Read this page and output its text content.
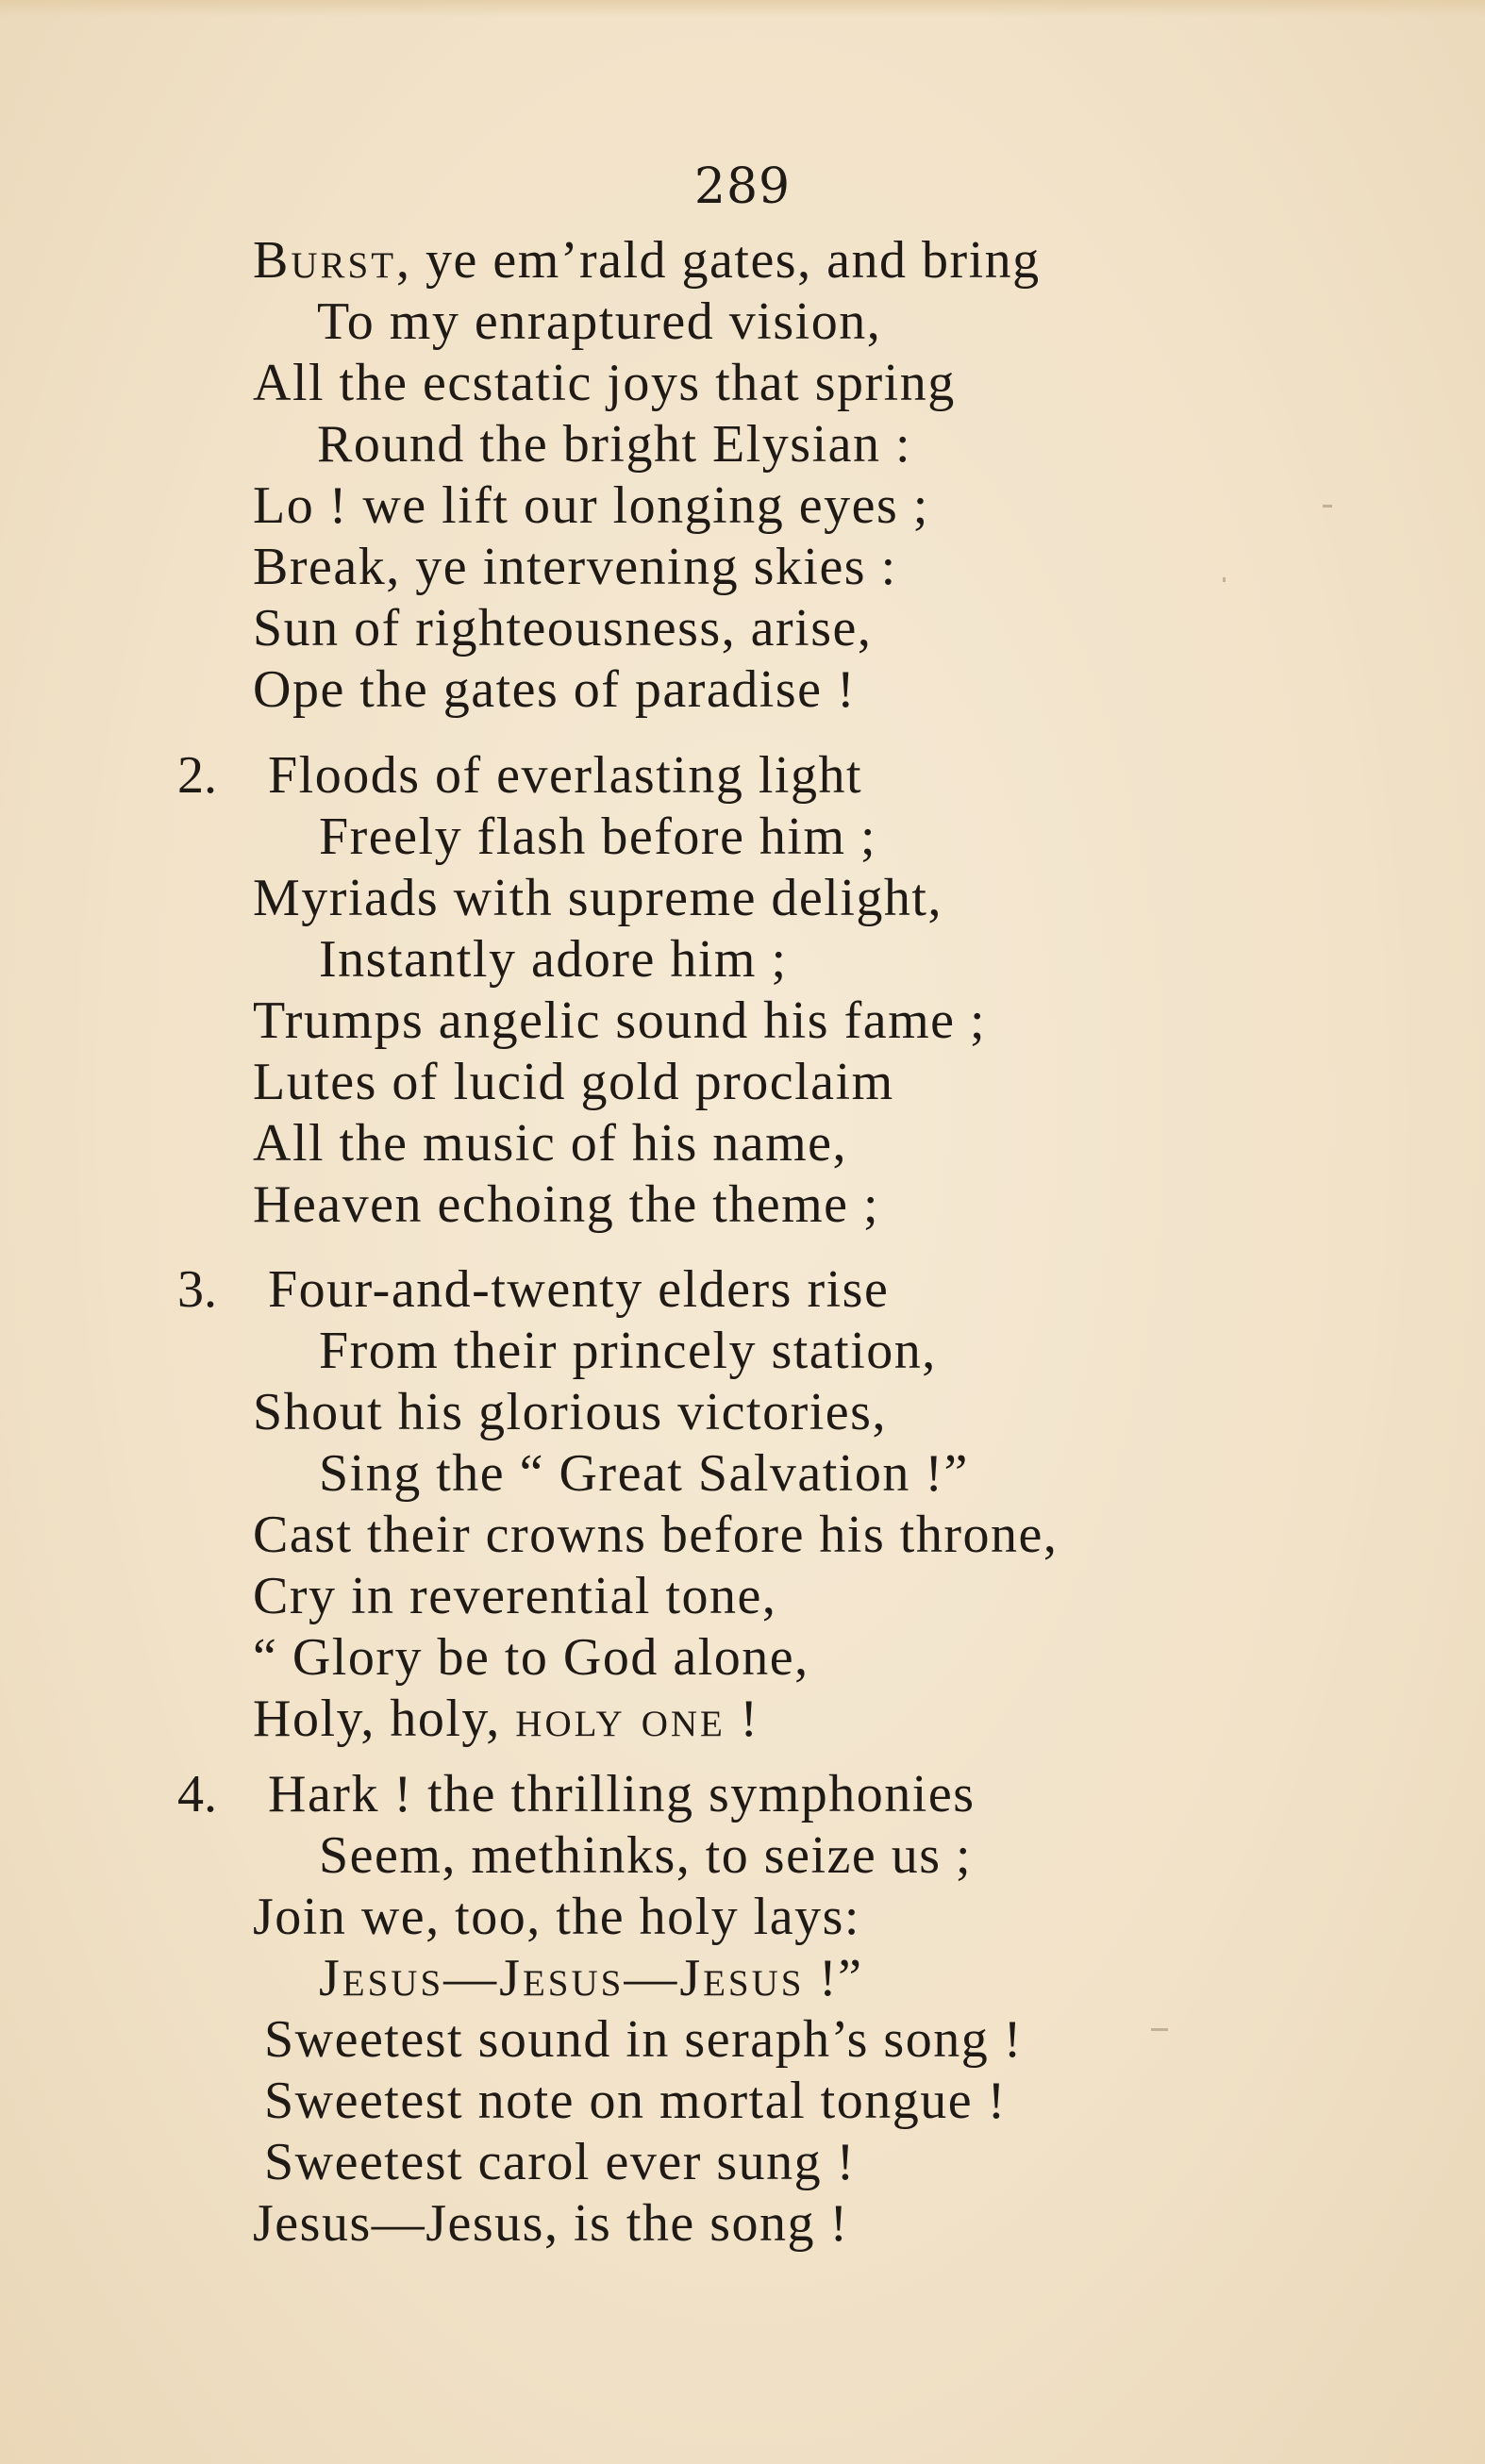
289
Burst, ye em’rald gates, and bring
To my enraptured vision,
All the ecstatic joys that spring
Round the bright Elysian :
Lo ! we lift our longing eyes ;
Break, ye intervening skies :
Sun of righteousness, arise,
Ope the gates of paradise !
2. Floods of everlasting light
Freely flash before him ;
Myriads with supreme delight,
Instantly adore him ;
Trumps angelic sound his fame ;
Lutes of lucid gold proclaim
All the music of his name,
Heaven echoing the theme ;
3. Four-and-twenty elders rise
From their princely station,
Shout his glorious victories,
Sing the “ Great Salvation !”
Cast their crowns before his throne,
Cry in reverential tone,
“ Glory be to God alone,
Holy, holy, holy one !
4. Hark ! the thrilling symphonies
Seem, methinks, to seize us ;
Join we, too, the holy lays:
Jesus—Jesus—Jesus !”
Sweetest sound in seraph’s song !
Sweetest note on mortal tongue !
Sweetest carol ever sung !
Jesus—Jesus, is the song !
